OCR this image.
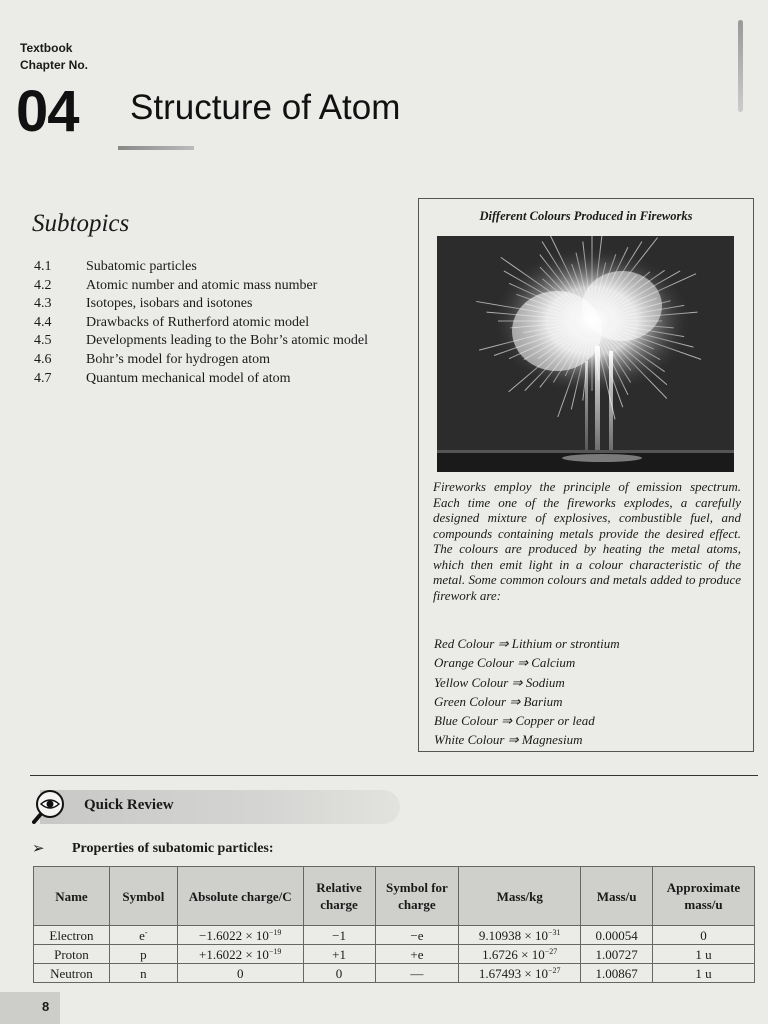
Textbook
Chapter No.
04 Structure of Atom
Subtopics
4.1	Subatomic particles
4.2	Atomic number and atomic mass number
4.3	Isotopes, isobars and isotones
4.4	Drawbacks of Rutherford atomic model
4.5	Developments leading to the Bohr’s atomic model
4.6	Bohr’s model for hydrogen atom
4.7	Quantum mechanical model of atom
Different Colours Produced in Fireworks
Fireworks employ the principle of emission spectrum. Each time one of the fireworks explodes, a carefully designed mixture of explosives, combustible fuel, and compounds containing metals provide the desired effect. The colours are produced by heating the metal atoms, which then emit light in a colour characteristic of the metal. Some common colours and metals added to produce firework are:
Red Colour ⇒ Lithium or strontium
Orange Colour ⇒ Calcium
Yellow Colour ⇒ Sodium
Green Colour ⇒ Barium
Blue Colour ⇒ Copper or lead
White Colour ⇒ Magnesium
Quick Review
➢ Properties of subatomic particles:
Name	Symbol	Absolute charge/C	Relative charge	Symbol for charge	Mass/kg	Mass/u	Approximate mass/u
Electron	e-	$-1.6022 \times 10^{-19}$	−1	−e	$9.10938 \times 10^{-31}$	0.00054	0
Proton	p	$+1.6022 \times 10^{-19}$	+1	+e	$1.6726 \times 10^{-27}$	1.00727	1 u
Neutron	n	0	0	—	$1.67493 \times 10^{-27}$	1.00867	1 u
8
